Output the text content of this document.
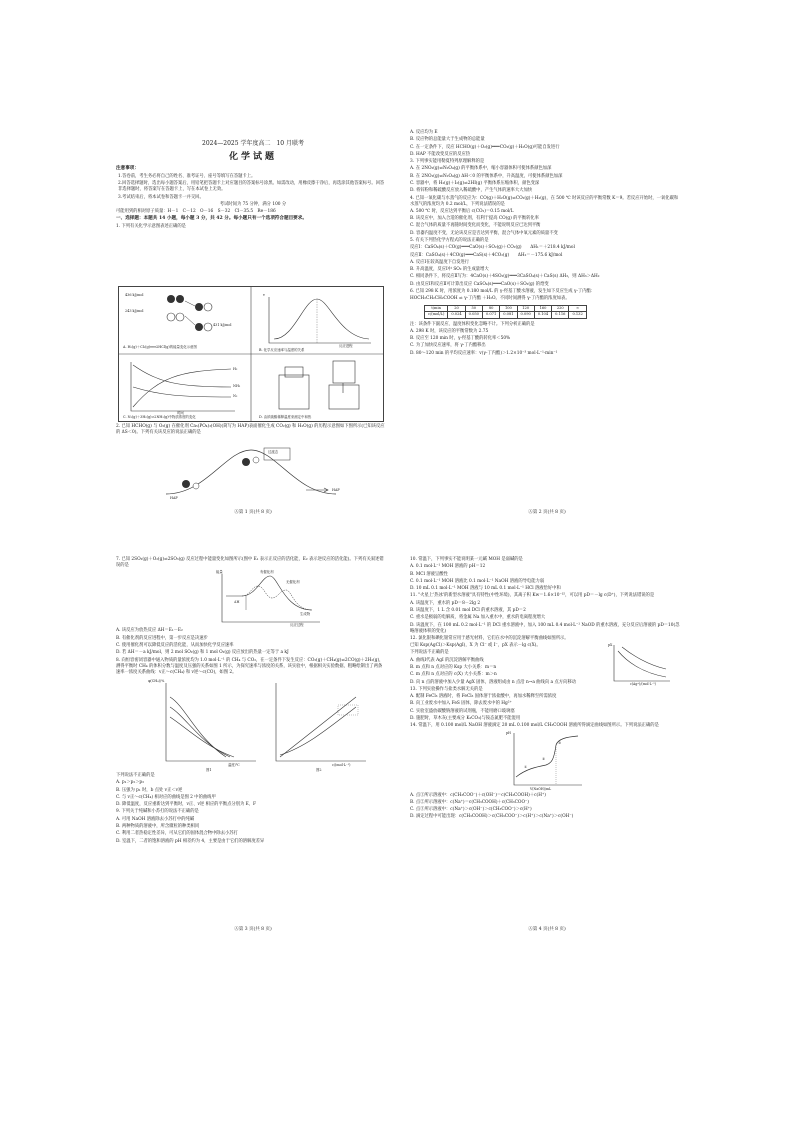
2024—2025 学年度高二　10 月联考
化学试题

注意事项：

1.答卷前，考生务必将自己的姓名、准考证号、座号等填写在答题卡上。

2.回答选择题时，选出每小题答案后，用铅笔把答题卡上对应题目的答案标号涂黑。如需改动，用橡皮擦干净后，再选涂其他答案标号。回答非选择题时，将答案写在答题卡上，写在本试卷上无效。

3.考试结束后，将本试卷和答题卡一并交回。

考试时间为 75 分钟，满分 100 分

可能用到的相对原子质量：H－1　C－12　O－16　S－32　Cl－35.5　Re－186

一、选择题：本题共 14 小题，每小题 3 分，共 42 分。每小题只有一个选项符合题目要求。

1. 下列有关化学示意图表述正确的是

436 kJ/mol
243 kJ/mol
431 kJ/mol
H₂
NH₃
N₂
时间
反应进程
v
A. H₂(g)＋Cl₂(g)═══2HCl(g)的能量变化示意图
B. 化学反应速率与温度的关系
C. N₂(g)＋3H₂(g)⇌2NH₃(g)中物质浓度的变化	D. 由浓硫酸稀释温度来测定中和热

2. 已知 HCHO(g) 与 O₂(g) 在催化剂 Ca₅(PO₄)₃(OH)(简写为 HAP)表面催化生成 CO₂(g) 和 H₂O(g) 的历程示意图如下图所示(已知该反应的 ΔS＜0)。下列有关该反应的说法正确的是

过渡态
HAP
HAP
Ⓐ第 1 页(共 8 页)

A. 反应均为 E

B. 反应物的总能量大于生成物的总能量

C. 在一定条件下，反应 HCHO(g)＋O₂(g)═══CO₂(g)＋H₂O(g)可能自发进行

D. HAP 不能改变反应的反应热

3. 下列事实能用勒夏特列原理解释的是

A. 在 2NO₂(g)⇌N₂O₄(g) 的平衡体系中，缩小容器体积可使体系颜色加深

B. 在 2NO₂(g)⇌N₂O₄(g) ΔH＜0 的平衡体系中，升高温度，可使体系颜色加深

C. 容器中，将 H₂(g)＋I₂(g)⇌2HI(g) 平衡体系压缩体积，颜色变深

D. 将锌粉和稀硫酸反应放入稀硫酸中，产生气体的速率大大加快

4. 已知一氧化碳与水蒸气的反应为：CO(g)＋H₂O(g)⇌CO₂(g)＋H₂(g)，在 500 ℃ 时该反应的平衡常数 K＝9。若反应开始时，一氧化碳和水蒸气的浓度均为 0.2 mol/L，下列说法错误的是

A. 500 ℃ 时，反应达到平衡后 c(CO₂)＝0.15 mol/L

B. 该反应中，加入合适的催化剂，有利于提高 CO(g) 的平衡转化率

C. 混合气体的质量不再随时间变化而变化，不能说明反应已达到平衡

D. 容器内温度不变，无论该反应是否达到平衡，混合气体中氧元素的质量不变

5. 有关下列热化学方程式的说法正确的是

反应Ⅰ：CaSO₄(s)＋CO(g)═══CaO(s)＋SO₂(g)＋CO₂(g)　　ΔH₁＝＋218.4 kJ/mol

反应Ⅱ：CaSO₄(s)＋4CO(g)═══CaS(s)＋4CO₂(g)　　ΔH₂＝－175.6 kJ/mol

A. 反应Ⅰ在较高温度下自发进行

B. 升高温度，反应Ⅰ中 SO₂ 的生成量增大

C. 相同条件下，将反应Ⅱ写为：4CaO(s)＋4SO₂(g)═══3CaSO₄(s)＋CaS(s) ΔH₃，则 ΔH₃＞ΔH₂

D. 由反应Ⅰ和反应Ⅱ可计算出反应 CaSO₄(s)═══CaO(s)＋SO₂(g) 的焓变

6. 已知 298 K 时，用浓度为 0.180 mol/L 的 γ-羟基丁酸水溶液，发生如下反应生成 γ-丁内酯：

HOCH₂CH₂CH₂COOH ⇌ γ-丁内酯 ＋H₂O。不同时间测得 γ-丁内酯的浓度如表。

t/min	20	50	80	100	120	160	220	∞
c/(mol/L)	0.024	0.050	0.071	0.081	0.090	0.104	0.116	0.132

注：该条件下副反应、温度体积变化忽略不计。下列分析正确的是

A. 298 K 时，该反应的平衡常数为 2.75

B. 反应至 120 min 时，γ-羟基丁酸的转化率＜50%

C. 为了加快反应速率，将 γ-丁内酯移出

D. 80～120 min 的平均反应速率：v(γ-丁内酯)＞1.2×10⁻³ mol·L⁻¹·min⁻¹

Ⓐ第 2 页(共 8 页)

7. 已知 2SO₂(g)＋O₂(g)⇌2SO₃(g) 反应过程中能量变化如图所示(图中 E₁ 表示正反应的活化能，E₂ 表示逆反应的活化能)。下列有关叙述错误的是

能量	有催化剂
无催化剂
生成物
反应过程
ΔH

A. 该反应为放热反应 ΔH＝E₁－E₂

B. 有催化剂的反应进程中，第一步反应是决速步

C. 使用催化剂可以降低反应的活化能，从而加快化学反应速率

D. 若 ΔH＝－a kJ/mol，则 2 mol SO₂(g) 和 1 mol O₂(g) 反应放出的热量一定等于 a kJ

8. 向恒容密闭容器中通入物质的量浓度均为 1.0 mol·L⁻¹ 的 CH₄ 与 CO₂，在一定条件下发生反应：CO₂(g)＋CH₄(g)⇌2CO(g)＋2H₂(g)，测得平衡时 CH₄ 的体积分数与温度及压强的关系如图 1 所示，为探究速率与浓度的关系，该实验中，根据相关实验数据，粗略绘制出了两条速率一浓度关系曲线：v正～c(CH₄) 和 v逆～c(CO)，如图 2。

φ(CH₄)/%
温度/℃
图1
c/(mol·L⁻¹)
图2

下列说法不正确的是

A. p₁＞p₂＞p₃

B. 压强为 p₁ 时，b 点处 v正＜v逆

C. 与 v正～c(CH₄) 相对应的曲线是图 2 中的曲线甲

D. 降低温度，反应重新达到平衡时，v正、v逆 相应的平衡点分别为 E、F

9. 下列关于纯碱和小苏打的说法不正确的是

A. 可用 NaOH 溶液除去小苏打中的纯碱

B. 两种物质的溶液中，所含微粒的种类相同

C. 利用二者热稳定性差异，可从它们的固体混合物中除去小苏打

D. 室温下，二者的饱和溶液的 pH 相差约为 4，主要是由于它们的溶解度差异

Ⓐ第 3 页(共 8 页)

10. 常温下，下列事实不能说明某一元碱 MOH 是弱碱的是

A. 0.1 mol·L⁻¹ MOH 溶液的 pH＝12

B. MCl 溶液呈酸性

C. 0.1 mol·L⁻¹ MOH 溶液比 0.1 mol·L⁻¹ NaOH 溶液的导电能力弱

D. 10 mL 0.1 mol·L⁻¹ MOH 溶液与 10 mL 0.1 mol·L⁻¹ HCl 溶液恰好中和

11. "火星上'热冰'的新型水溶液"具有特性(中性环境)，其离子积 Kw＝1.6×10⁻¹⁵，可以用 pD＝－lg c(D⁺)，下列说法错误的是

A. 该温度下，重水的 pD＝8－2lg 2

B. 该温度下，1 L 含 0.01 mol DCl 的重水溶液，其 pD＝2

C. 重水是极弱的电解质，将金属 Na 加入重水中，重水的电离程度增大

D. 该温度下，在 100 mL 0.2 mol·L⁻¹ 的 DCl 重水溶液中，加入 100 mL 0.4 mol·L⁻¹ NaOD 的重水溶液，充分反应后溶液的 pD＝10(忽略溶液体积的变化)

12. 氯化银和碘化银常应用于感光材料，它们在水中的沉淀溶解平衡曲线如图所示。

已知 Ksp(AgCl)＞Ksp(AgI)，X 为 Cl⁻ 或 I⁻，pX 表示－lg c(X)。

下列说法不正确的是

A. 曲线Ⅰ代表 AgI 的沉淀溶解平衡曲线

B. m 点和 n 点对应的 Ksp 大小关系：m＝n

C. m 点和 n 点对应的 c(X) 大小关系：m＞n

D. 向 n 点的溶液中加入少量 AgX 固体，溶液组成由 n 点沿 n→a 曲线向 a 点方向移动

pX
c(Ag⁺)/(mol·L⁻¹)

13. 下列实验操作与盐类水解无关的是

A. 配制 FeCl₃ 溶液时，将 FeCl₃ 固体溶于浓盐酸中，再加水稀释至所需浓度

B. 向工业废水中加入 FeS 固体，除去废水中的 Hg²⁺

C. 实验室盛放碳酸钠溶液的试剂瓶，不能用磨口玻璃塞

D. 施肥时，草木灰(主要成分 K₂CO₃)与铵态氮肥不能混用

14. 常温下，用 0.100 mol/L NaOH 溶液滴定 20 mL 0.100 mol/L CH₃COOH 溶液所得滴定曲线如图所示。下列说法正确的是

pH
V(NaOH)/mL
①
②
③

A. 点①所示溶液中：c(CH₃COO⁻)＋c(OH⁻)＝c(CH₃COOH)＋c(H⁺)

B. 点②所示溶液中：c(Na⁺)＝c(CH₃COOH)＋c(CH₃COO⁻)

C. 点③所示溶液中：c(Na⁺)＞c(OH⁻)＞c(CH₃COO⁻)＞c(H⁺)

D. 滴定过程中可能出现：c(CH₃COOH)＞c(CH₃COO⁻)＞c(H⁺)＞c(Na⁺)＞c(OH⁻)

Ⓐ第 4 页(共 8 页)
